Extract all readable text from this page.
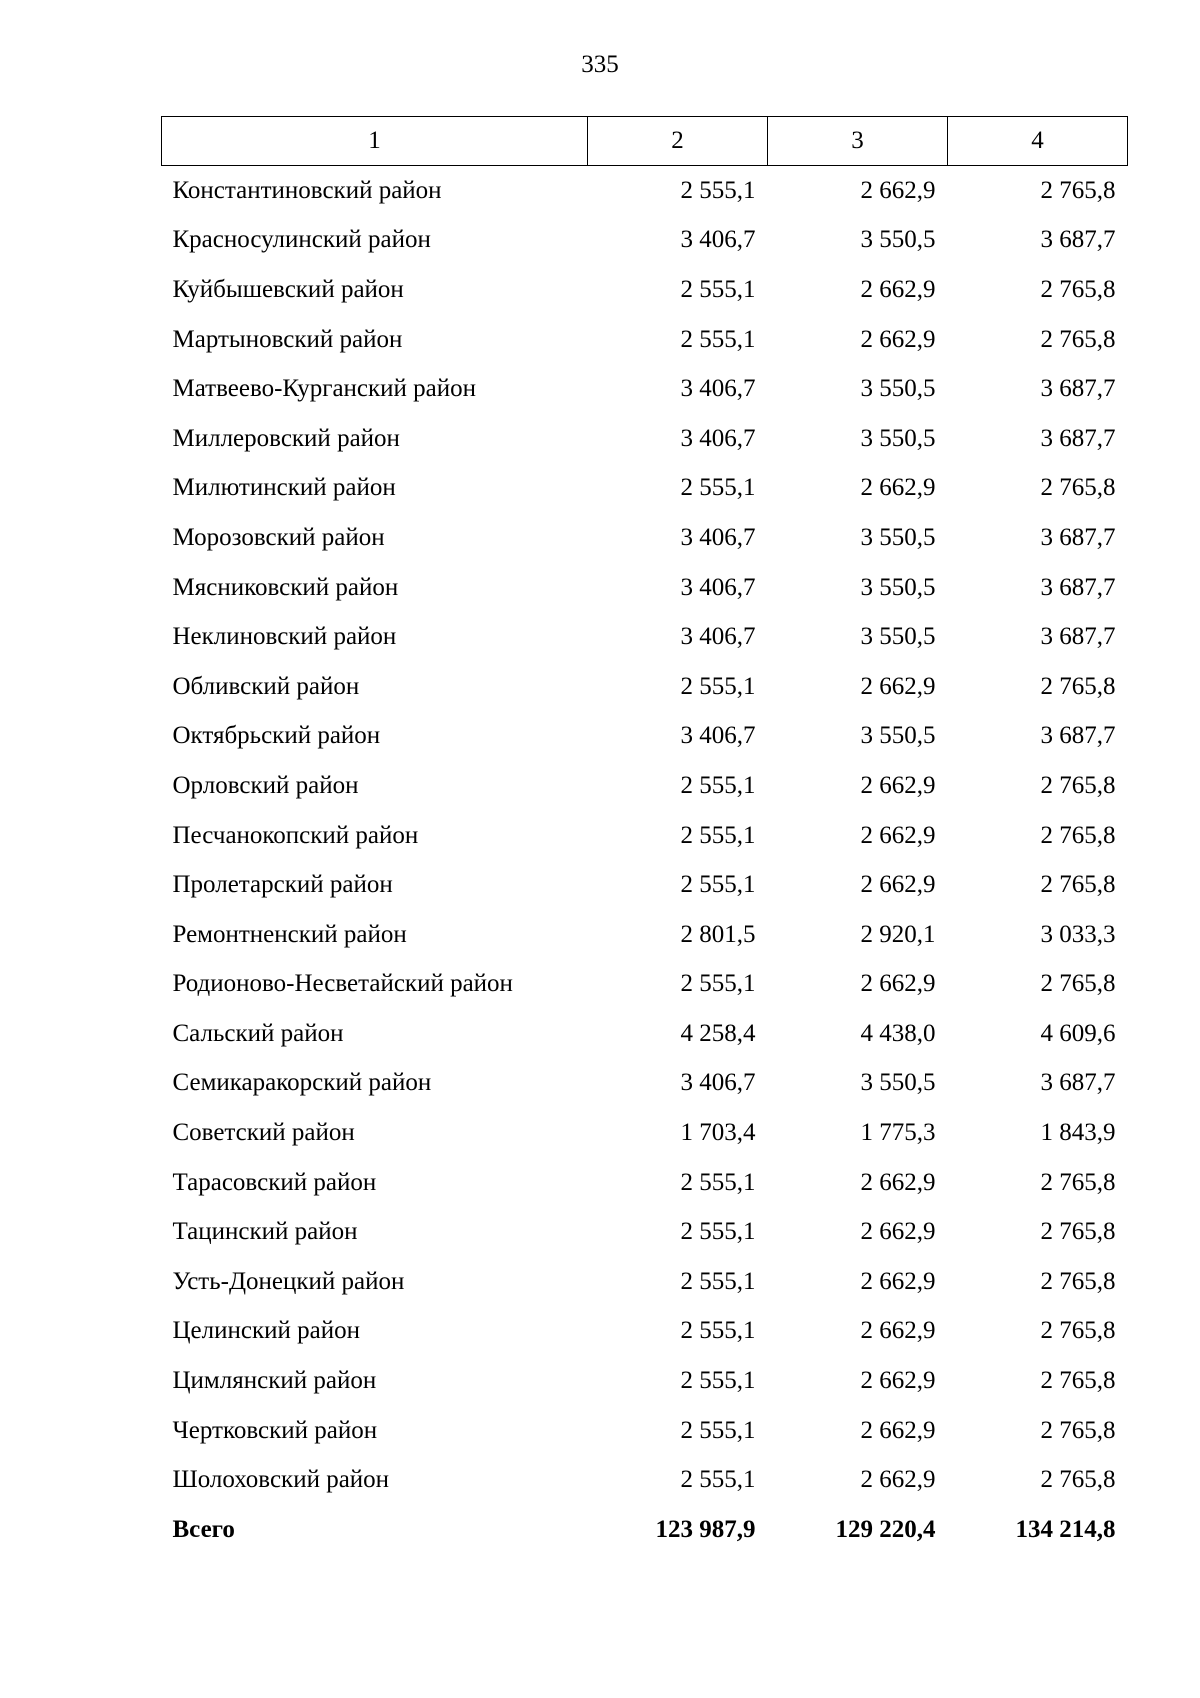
335
1	2	3	4
Константиновский район	2 555,1	2 662,9	2 765,8
Красносулинский район	3 406,7	3 550,5	3 687,7
Куйбышевский район	2 555,1	2 662,9	2 765,8
Мартыновский район	2 555,1	2 662,9	2 765,8
Матвеево-Курганский район	3 406,7	3 550,5	3 687,7
Миллеровский район	3 406,7	3 550,5	3 687,7
Милютинский район	2 555,1	2 662,9	2 765,8
Морозовский район	3 406,7	3 550,5	3 687,7
Мясниковский район	3 406,7	3 550,5	3 687,7
Неклиновский район	3 406,7	3 550,5	3 687,7
Обливский район	2 555,1	2 662,9	2 765,8
Октябрьский район	3 406,7	3 550,5	3 687,7
Орловский район	2 555,1	2 662,9	2 765,8
Песчанокопский район	2 555,1	2 662,9	2 765,8
Пролетарский район	2 555,1	2 662,9	2 765,8
Ремонтненский район	2 801,5	2 920,1	3 033,3
Родионово-Несветайский район	2 555,1	2 662,9	2 765,8
Сальский район	4 258,4	4 438,0	4 609,6
Семикаракорский район	3 406,7	3 550,5	3 687,7
Советский район	1 703,4	1 775,3	1 843,9
Тарасовский район	2 555,1	2 662,9	2 765,8
Тацинский район	2 555,1	2 662,9	2 765,8
Усть-Донецкий район	2 555,1	2 662,9	2 765,8
Целинский район	2 555,1	2 662,9	2 765,8
Цимлянский район	2 555,1	2 662,9	2 765,8
Чертковский район	2 555,1	2 662,9	2 765,8
Шолоховский район	2 555,1	2 662,9	2 765,8
Всего	123 987,9	129 220,4	134 214,8
